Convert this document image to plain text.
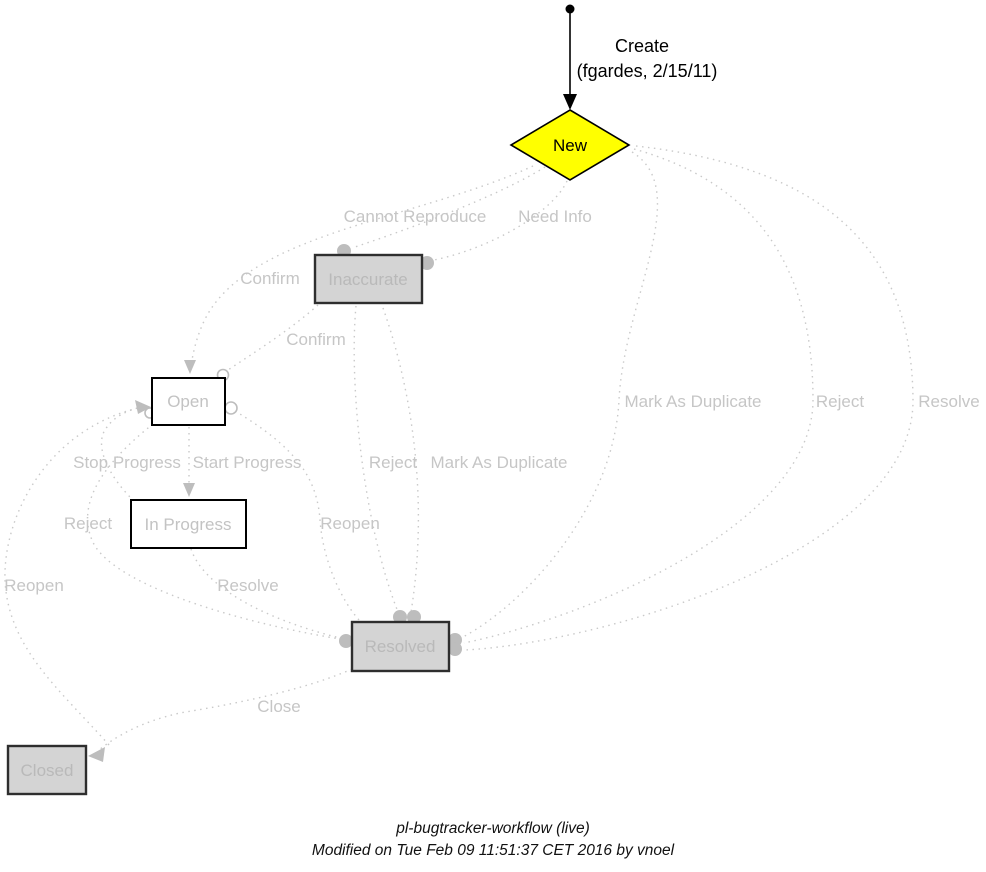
Create
(fgardes, 2/15/11)
New
Inaccurate
Open
In Progress
Resolved
Closed
Cannot Reproduce Need Info
Confirm
Confirm
Mark As Duplicate	Reject	Resolve
Reject Mark As Duplicate
Stop Progress Start Progress
Reject	Reopen
Reopen	Resolve
Close
pl-bugtracker-workflow (live)
Modified on Tue Feb 09 11:51:37 CET 2016 by vnoel
